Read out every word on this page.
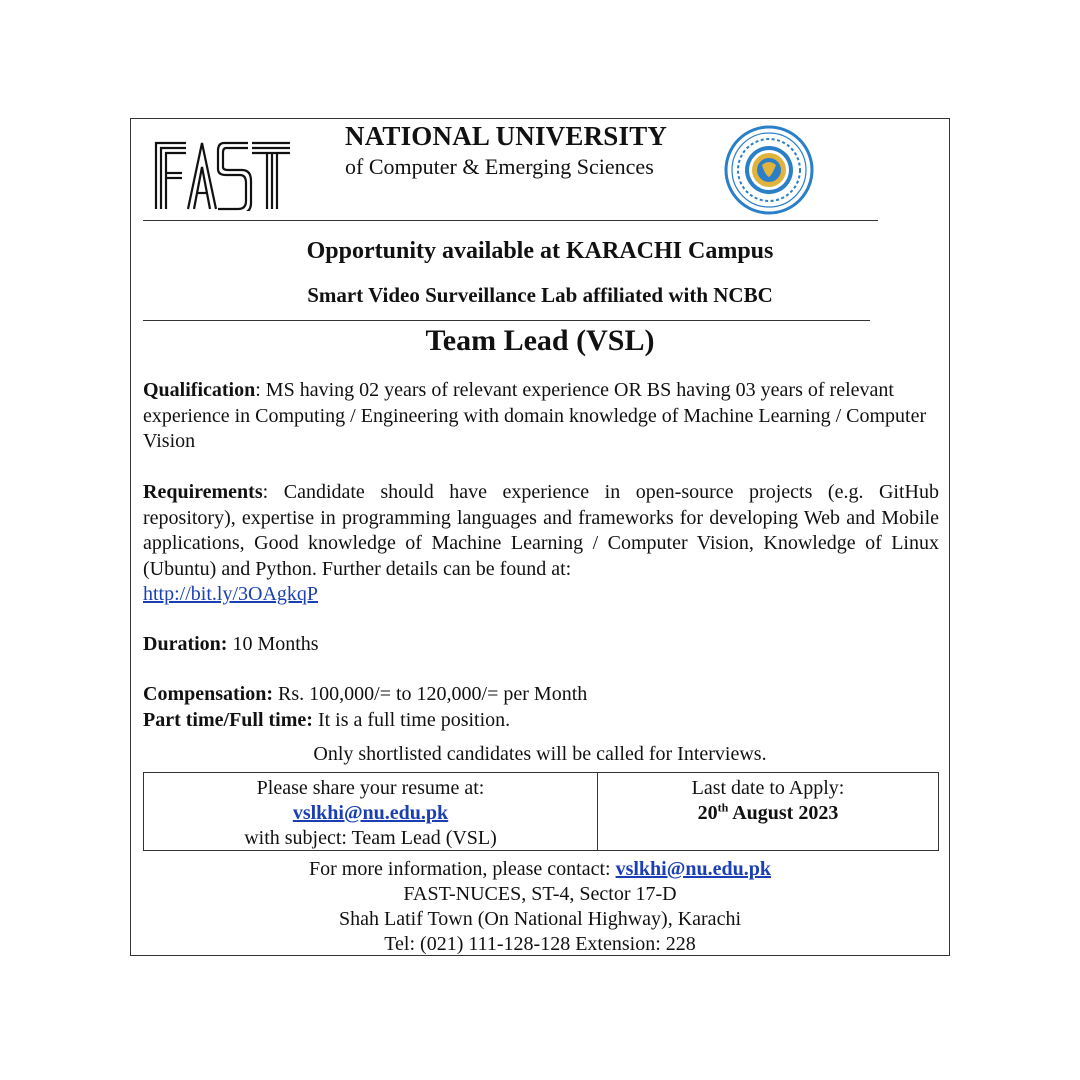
NATIONAL UNIVERSITY
of Computer & Emerging Sciences
Opportunity available at KARACHI Campus
Smart Video Surveillance Lab affiliated with NCBC
Team Lead (VSL)
Qualification: MS having 02 years of relevant experience OR BS having 03 years of relevant experience in Computing / Engineering with domain knowledge of Machine Learning / Computer Vision
Requirements: Candidate should have experience in open-source projects (e.g. GitHub repository), expertise in programming languages and frameworks for developing Web and Mobile applications, Good knowledge of Machine Learning / Computer Vision, Knowledge of Linux (Ubuntu) and Python. Further details can be found at:
http://bit.ly/3OAgkqP
Duration: 10 Months
Compensation: Rs. 100,000/= to 120,000/= per Month
Part time/Full time: It is a full time position.
Only shortlisted candidates will be called for Interviews.
Please share your resume at:
vslkhi@nu.edu.pk
with subject: Team Lead (VSL)
Last date to Apply:
20th August 2023
For more information, please contact: vslkhi@nu.edu.pk
FAST-NUCES, ST-4, Sector 17-D
Shah Latif Town (On National Highway), Karachi
Tel: (021) 111-128-128 Extension: 228
